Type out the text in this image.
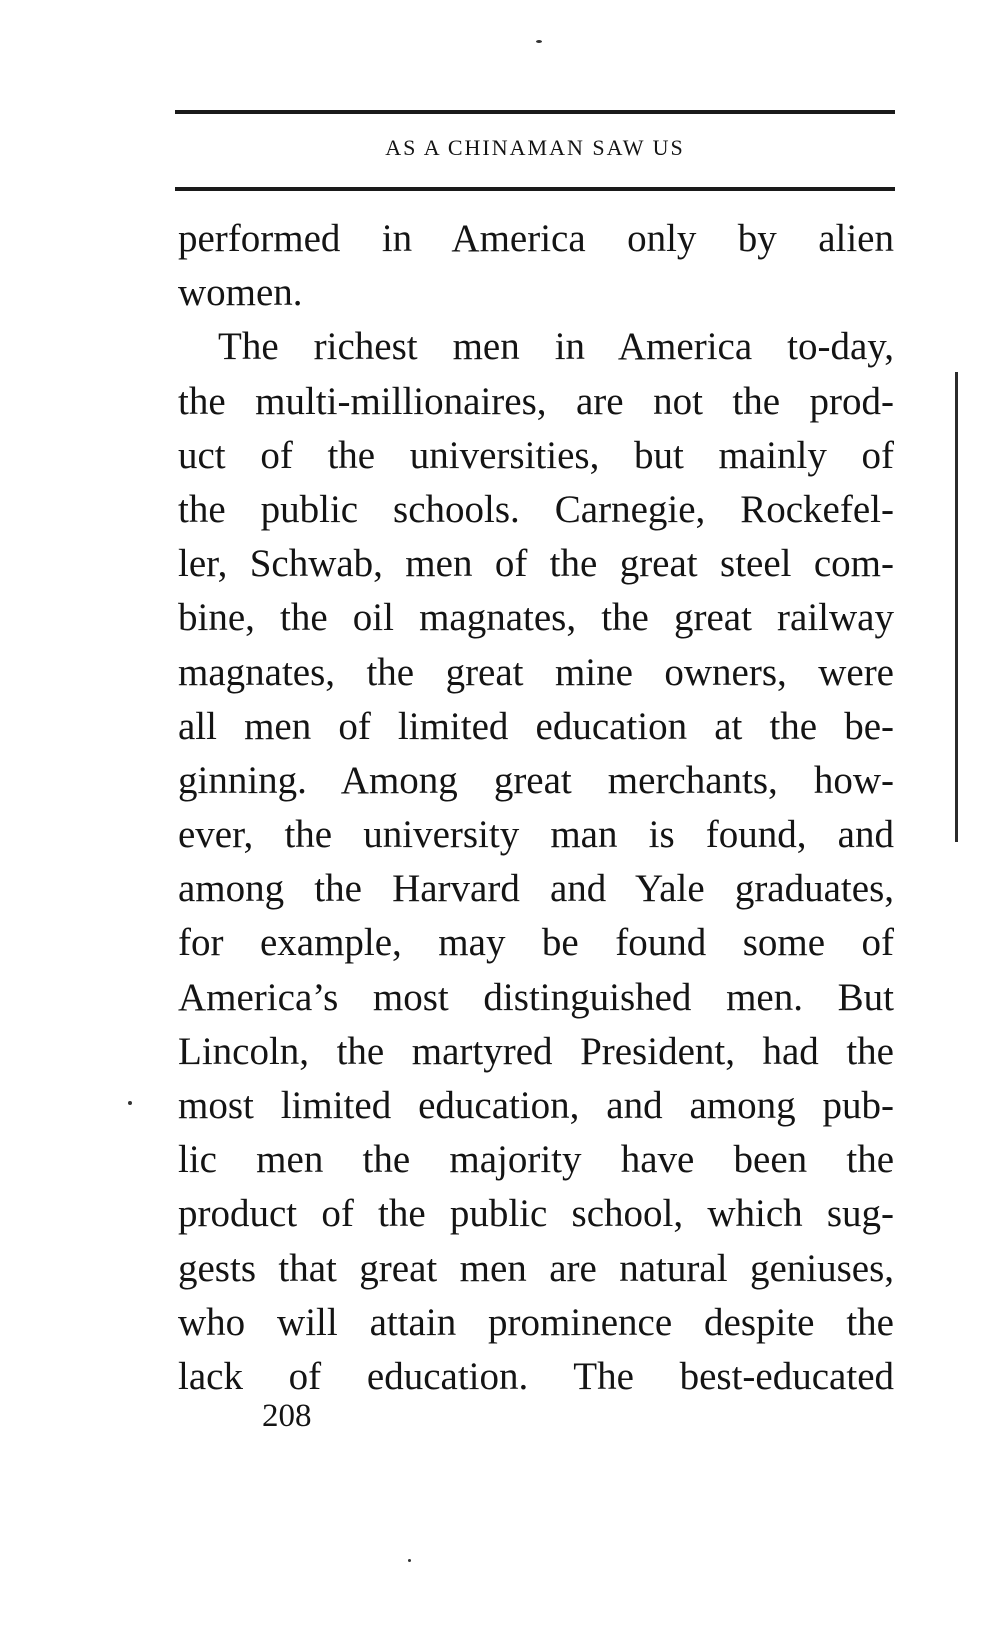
AS A CHINAMAN SAW US
performed in America only by alien
women.
The richest men in America to-day,
the multi-millionaires, are not the prod-
uct of the universities, but mainly of
the public schools. Carnegie, Rockefel-
ler, Schwab, men of the great steel com-
bine, the oil magnates, the great railway
magnates, the great mine owners, were
all men of limited education at the be-
ginning. Among great merchants, how-
ever, the university man is found, and
among the Harvard and Yale graduates,
for example, may be found some of
America’s most distinguished men. But
Lincoln, the martyred President, had the
most limited education, and among pub-
lic men the majority have been the
product of the public school, which sug-
gests that great men are natural geniuses,
who will attain prominence despite the
lack of education. The best-educated
208
